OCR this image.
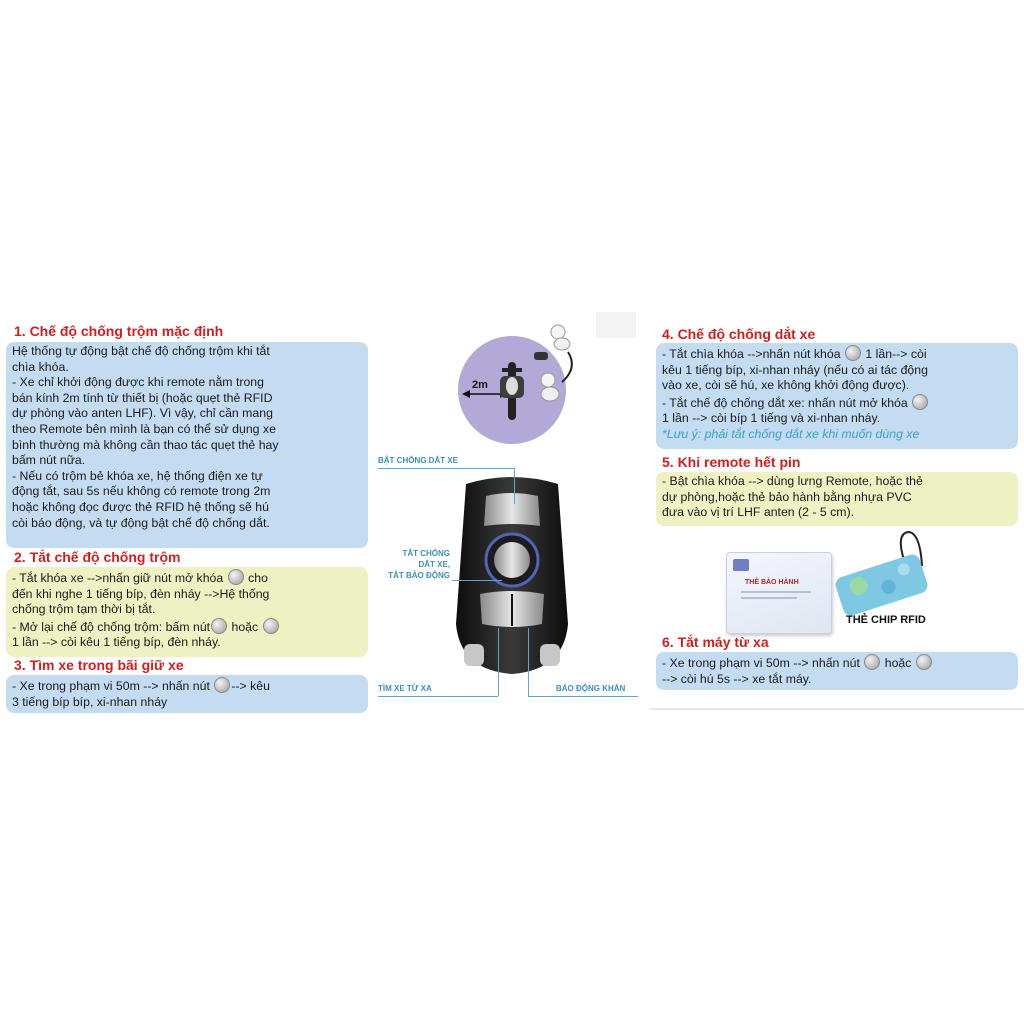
1. Chế độ chống trộm mặc định
Hệ thống tự động bật chế độ chống trộm khi tắt
chìa khóa.
- Xe chỉ khởi động được khi remote nằm trong
bán kính 2m tính từ thiết bị (hoặc quẹt thẻ RFID
dự phòng vào anten LHF). Vì vậy, chỉ cần mang
theo Remote bên mình là bạn có thể sử dụng xe
bình thường mà không cần thao tác quẹt thẻ hay
bấm nút nữa.
- Nếu có trộm bẻ khóa xe, hệ thống điện xe tự
động tắt, sau 5s nếu không có remote trong 2m
hoặc không đọc được thẻ RFID hệ thống sẽ hú
còi báo động, và tự động bật chế độ chống dắt.
2. Tắt chế độ chống trộm
- Tắt khóa xe -->nhấn giữ nút mở khóa cho
đến khi nghe 1 tiếng bíp, đèn nháy -->Hệ thống
chống trộm tạm thời bị tắt.
- Mở lại chế độ chống trộm: bấm nút hoặc
1 lần --> còi kêu 1 tiếng bíp, đèn nháy.
3. Tìm xe trong bãi giữ xe
- Xe trong phạm vi 50m --> nhấn nút --> kêu
3 tiếng bíp bíp, xi-nhan nháy
2m
BẬT CHỐNG DẮT XE
TẮT CHỐNG
DẮT XE,
TẮT BÁO ĐỘNG
TÌM XE TỪ XA	BÁO ĐỘNG KHẨN
4. Chế độ chống dắt xe
- Tắt chìa khóa -->nhấn nút khóa 1 lần--> còi
kêu 1 tiếng bíp, xi-nhan nháy (nếu có ai tác động
vào xe, còi sẽ hú, xe không khởi động được).
- Tắt chế độ chống dắt xe: nhấn nút mở khóa
1 lần --> còi bíp 1 tiếng và xi-nhan nháy.
*Lưu ý: phải tắt chống dắt xe khi muốn dùng xe
5. Khi remote hết pin
- Bật chìa khóa --> dùng lưng Remote, hoặc thẻ
dự phòng,hoặc thẻ bảo hành bằng nhựa PVC
đưa vào vị trí LHF anten (2 - 5 cm).
THẺ BẢO HÀNH
THẺ CHIP RFID
6. Tắt máy từ xa
- Xe trong phạm vi 50m --> nhấn nút hoặc
--> còi hú 5s --> xe tắt máy.
